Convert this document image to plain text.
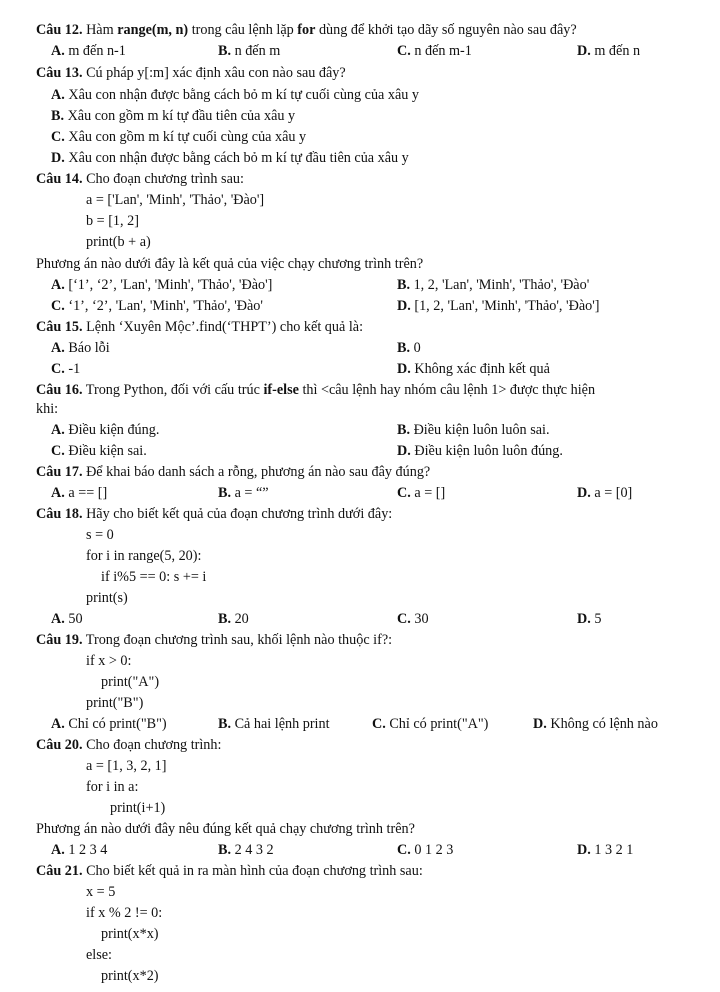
Câu 12. Hàm range(m, n) trong câu lệnh lặp for dùng để khởi tạo dãy số nguyên nào sau đây?
A. m đến n-1	B. n đến m	C. n đến m-1	D. m đến n
Câu 13. Cú pháp y[:m] xác định xâu con nào sau đây?
A. Xâu con nhận được bằng cách bỏ m kí tự cuối cùng của xâu y
B. Xâu con gồm m kí tự đầu tiên của xâu y
C. Xâu con gồm m kí tự cuối cùng của xâu y
D. Xâu con nhận được bằng cách bỏ m kí tự đầu tiên của xâu y
Câu 14. Cho đoạn chương trình sau:
a = ['Lan', 'Minh', 'Thảo', 'Đào']
b = [1, 2]
print(b + a)
Phương án nào dưới đây là kết quả của việc chạy chương trình trên?
A. [‘1’, ‘2’, 'Lan', 'Minh', 'Thảo', 'Đào']	B. 1, 2, 'Lan', 'Minh', 'Thảo', 'Đào'
C. ‘1’, ‘2’, 'Lan', 'Minh', 'Thảo', 'Đào'	D. [1, 2, 'Lan', 'Minh', 'Thảo', 'Đào']
Câu 15. Lệnh ‘Xuyên Mộc’.find(‘THPT’) cho kết quả là:
A. Báo lỗi	B. 0
C. -1	D. Không xác định kết quả
Câu 16. Trong Python, đối với cấu trúc if-else thì <câu lệnh hay nhóm câu lệnh 1> được thực hiện
khi:
A. Điều kiện đúng.	B. Điều kiện luôn luôn sai.
C. Điều kiện sai.	D. Điều kiện luôn luôn đúng.
Câu 17. Để khai báo danh sách a rỗng, phương án nào sau đây đúng?
A. a == []	B. a = “”	C. a = []	D. a = [0]
Câu 18. Hãy cho biết kết quả của đoạn chương trình dưới đây:
s = 0
for i in range(5, 20):
if i%5 == 0: s += i
print(s)
A. 50	B. 20	C. 30	D. 5
Câu 19. Trong đoạn chương trình sau, khối lệnh nào thuộc if?:
if x > 0:
print("A")
print("B")
A. Chỉ có print("B")	B. Cả hai lệnh print	C. Chỉ có print("A")	D. Không có lệnh nào
Câu 20. Cho đoạn chương trình:
a = [1, 3, 2, 1]
for i in a:
print(i+1)
Phương án nào dưới đây nêu đúng kết quả chạy chương trình trên?
A. 1 2 3 4	B. 2 4 3 2	C. 0 1 2 3	D. 1 3 2 1
Câu 21. Cho biết kết quả in ra màn hình của đoạn chương trình sau:
x = 5
if x % 2 != 0:
print(x*x)
else:
print(x*2)
